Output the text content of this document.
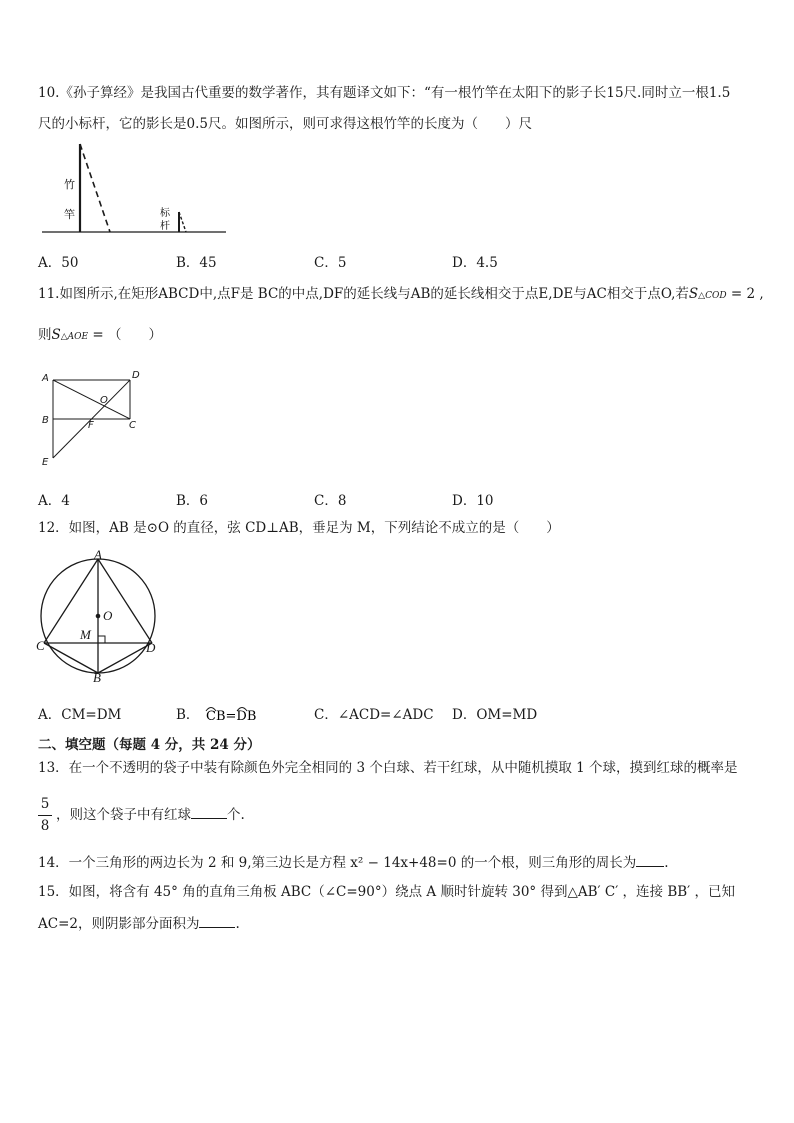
10.《孙子算经》是我国古代重要的数学著作，其有题译文如下：“有一根竹竿在太阳下的影子长15尺.同时立一根1.5
尺的小标杆，它的影长是0.5尺。如图所示，则可求得这根竹竿的长度为（　　）尺
竹
竿	标
杆
A．50	B．45	C．5	D．4.5
11.如图所示,在矩形ABCD中,点F是 BC的中点,DF的延长线与AB的延长线相交于点E,DE与AC相交于点O,若S△COD = 2 ,
则S△AOE = （　　）
A	D
B	C
O
F
E
A．4	B．6	C．8	D．10
12．如图，AB 是⊙O 的直径，弦 CD⊥AB，垂足为 M，下列结论不成立的是（　　）
A
O
M
C	D
B
A．CM=DM	B． CB=DB	C．∠ACD=∠ADC D．OM=MD
二、填空题（每题 4 分，共 24 分）
13．在一个不透明的袋子中装有除颜色外完全相同的 3 个白球、若干红球，从中随机摸取 1 个球，摸到红球的概率是
5
8
，则这个袋子中有红球	个.
14．一个三角形的两边长为 2 和 9,第三边长是方程 x² − 14x+48=0 的一个根，则三角形的周长为 .
15．如图，将含有 45° 角的直角三角板 ABC（∠C=90°）绕点 A 顺时针旋转 30° 得到△AB′ C′ ，连接 BB′ ，已知
AC=2，则阴影部分面积为	.
